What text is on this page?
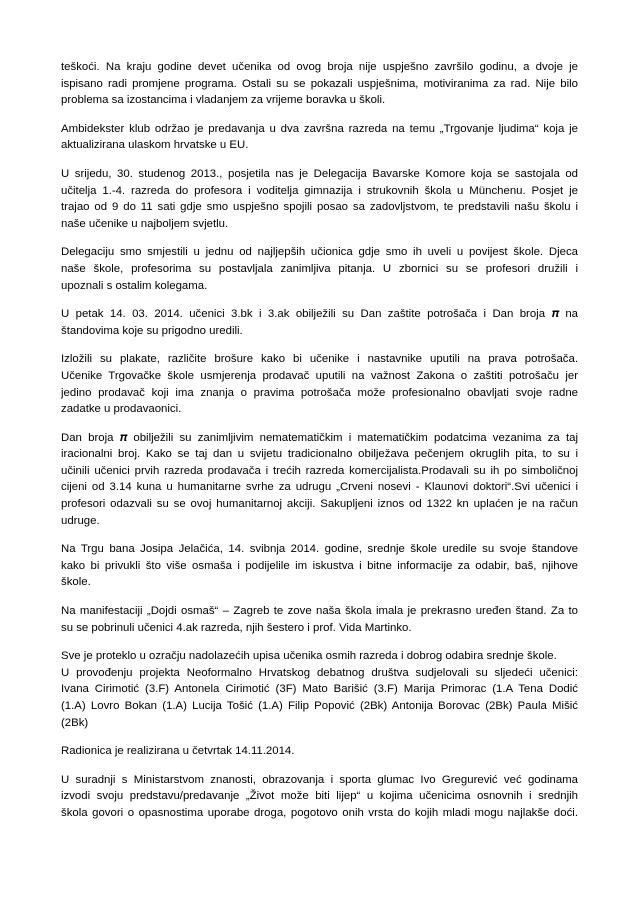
teškoći. Na kraju godine devet učenika od ovog broja nije uspješno završilo godinu, a dvoje je
ispisano radi promjene programa. Ostali su se pokazali uspješnima, motiviranima za rad. Nije bilo
problema sa izostancima i vladanjem za vrijeme boravka u školi.

Ambidekster klub održao je predavanja u dva završna razreda na temu „Trgovanje ljudima“ koja je
aktualizirana ulaskom hrvatske u EU.

U srijedu, 30. studenog 2013., posjetila nas je Delegacija Bavarske Komore koja se sastojala od
učitelja 1.-4. razreda do profesora i voditelja gimnazija i strukovnih škola u Münchenu. Posjet je
trajao od 9 do 11 sati gdje smo uspješno spojili posao sa zadovljstvom, te predstavili našu školu i
naše učenike u najboljem svjetlu.

Delegaciju smo smjestili u jednu od najljepših učionica gdje smo ih uveli u povijest škole. Djeca
naše škole, profesorima su postavljala zanimljiva pitanja. U zbornici su se profesori družili i
upoznali s ostalim kolegama.

U petak 14. 03. 2014. učenici 3.bk i 3.ak obilježili su Dan zaštite potrošača i Dan broja 𝝅 na
štandovima koje su prigodno uredili.

Izložili su plakate, različite brošure kako bi učenike i nastavnike uputili na prava potrošača.
Učenike Trgovačke škole usmjerenja prodavač uputili na važnost Zakona o zaštiti potrošaču jer
jedino prodavač koji ima znanja o pravima potrošača može profesionalno obavljati svoje radne
zadatke u prodavaonici.

Dan broja 𝝅 obilježili su zanimljivim nematematičkim i matematičkim podatcima vezanima za taj
iracionalni broj. Kako se taj dan u svijetu tradicionalno obilježava pečenjem okruglih pita, to su i
učinili učenici prvih razreda prodavača i trećih razreda komercijalista.Prodavali su ih po simboličnoj
cijeni od 3.14 kuna u humanitarne svrhe za udrugu „Crveni nosevi - Klaunovi doktori“.Svi učenici i
profesori odazvali su se ovoj humanitarnoj akciji. Sakupljeni iznos od 1322 kn uplaćen je na račun
udruge.

Na Trgu bana Josipa Jelačića, 14. svibnja 2014. godine, srednje škole uredile su svoje štandove
kako bi privukli što više osmaša i podijelile im iskustva i bitne informacije za odabir, baš, njihove
škole.

Na manifestaciji „Dojdi osmaš“ – Zagreb te zove naša škola imala je prekrasno uređen štand. Za to
su se pobrinuli učenici 4.ak razreda, njih šestero i prof. Vida Martinko.

Sve je proteklo u ozračju nadolazećih upisa učenika osmih razreda i dobrog odabira srednje škole.
U provođenju projekta Neoformalno Hrvatskog debatnog društva sudjelovali su sljedeći učenici:
Ivana Cirimotić (3.F) Antonela Cirimotić (3F) Mato Barišić (3.F) Marija Primorac (1.A Tena Dodić
(1.A) Lovro Bokan (1.A) Lucija Tošić (1.A) Filip Popović (2Bk) Antonija Borovac (2Bk) Paula Mišić
(2Bk)

Radionica je realizirana u četvrtak 14.11.2014.

U suradnji s Ministarstvom znanosti, obrazovanja i sporta glumac Ivo Gregurević već godinama
izvodi svoju predstavu/predavanje „Život može biti lijep“ u kojima učenicima osnovnih i srednjih
škola govori o opasnostima uporabe droga, pogotovo onih vrsta do kojih mladi mogu najlakše doći.
